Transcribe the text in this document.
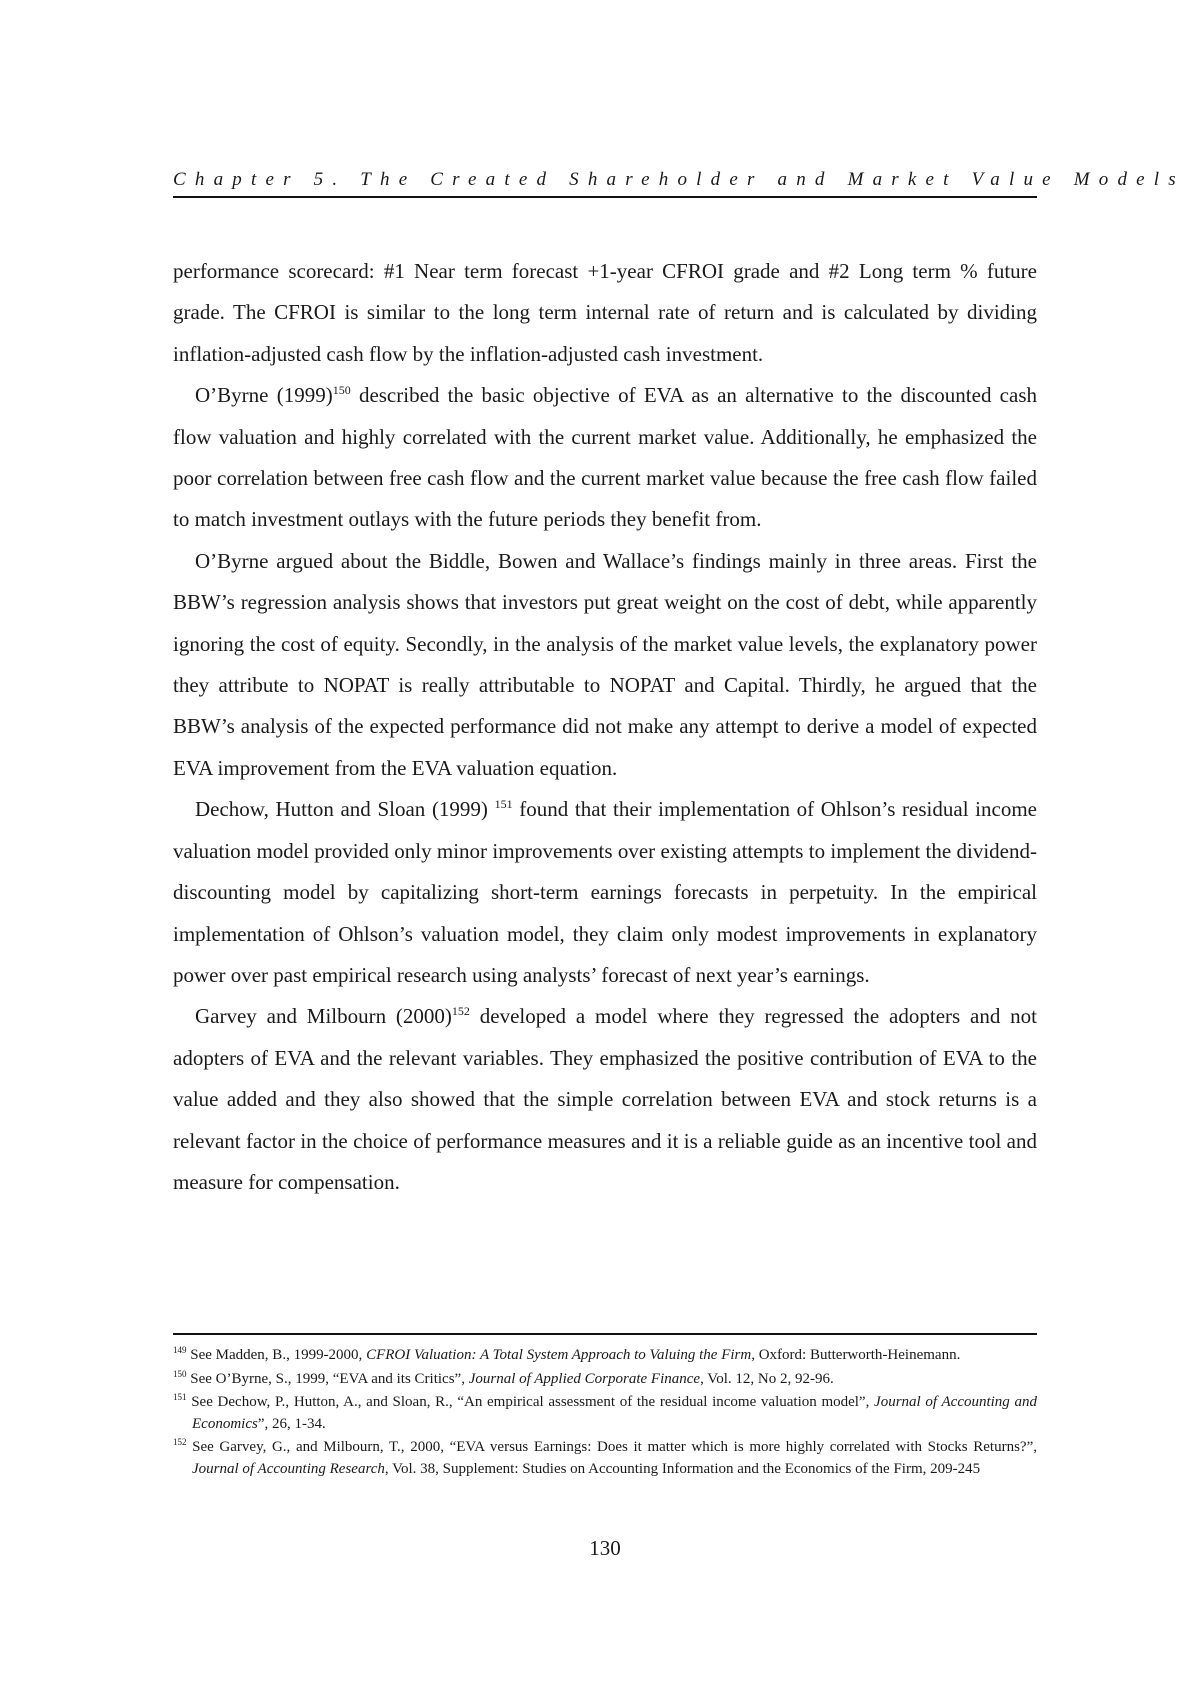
Chapter 5. The Created Shareholder and Market Value Models

performance scorecard: #1 Near term forecast +1-year CFROI grade and #2 Long term % future grade. The CFROI is similar to the long term internal rate of return and is calculated by dividing inflation-adjusted cash flow by the inflation-adjusted cash investment.

O’Byrne $(1999)^{150}$ described the basic objective of EVA as an alternative to the discounted cash flow valuation and highly correlated with the current market value. Additionally, he emphasized the poor correlation between free cash flow and the current market value because the free cash flow failed to match investment outlays with the future periods they benefit from.

O’Byrne argued about the Biddle, Bowen and Wallace’s findings mainly in three areas. First the BBW’s regression analysis shows that investors put great weight on the cost of debt, while apparently ignoring the cost of equity. Secondly, in the analysis of the market value levels, the explanatory power they attribute to NOPAT is really attributable to NOPAT and Capital. Thirdly, he argued that the BBW’s analysis of the expected performance did not make any attempt to derive a model of expected EVA improvement from the EVA valuation equation.

Dechow, Hutton and Sloan (1999) $^{151}$ found that their implementation of Ohlson’s residual income valuation model provided only minor improvements over existing attempts to implement the dividend-discounting model by capitalizing short-term earnings forecasts in perpetuity. In the empirical implementation of Ohlson’s valuation model, they claim only modest improvements in explanatory power over past empirical research using analysts’ forecast of next year’s earnings.

Garvey and Milbourn $(2000)^{152}$ developed a model where they regressed the adopters and not adopters of EVA and the relevant variables. They emphasized the positive contribution of EVA to the value added and they also showed that the simple correlation between EVA and stock returns is a relevant factor in the choice of performance measures and it is a reliable guide as an incentive tool and measure for compensation.

$^{149}$ See Madden, B., 1999-2000, CFROI Valuation: A Total System Approach to Valuing the Firm, Oxford: Butterworth-Heinemann.

$^{150}$ See O’Byrne, S., 1999, “EVA and its Critics”, Journal of Applied Corporate Finance, Vol. 12, No 2, 92-96.

$^{151}$ See Dechow, P., Hutton, A., and Sloan, R., “An empirical assessment of the residual income valuation model”, Journal of Accounting and Economics”, 26, 1-34.

$^{152}$ See Garvey, G., and Milbourn, T., 2000, “EVA versus Earnings: Does it matter which is more highly correlated with Stocks Returns?”, Journal of Accounting Research, Vol. 38, Supplement: Studies on Accounting Information and the Economics of the Firm, 209-245

130
